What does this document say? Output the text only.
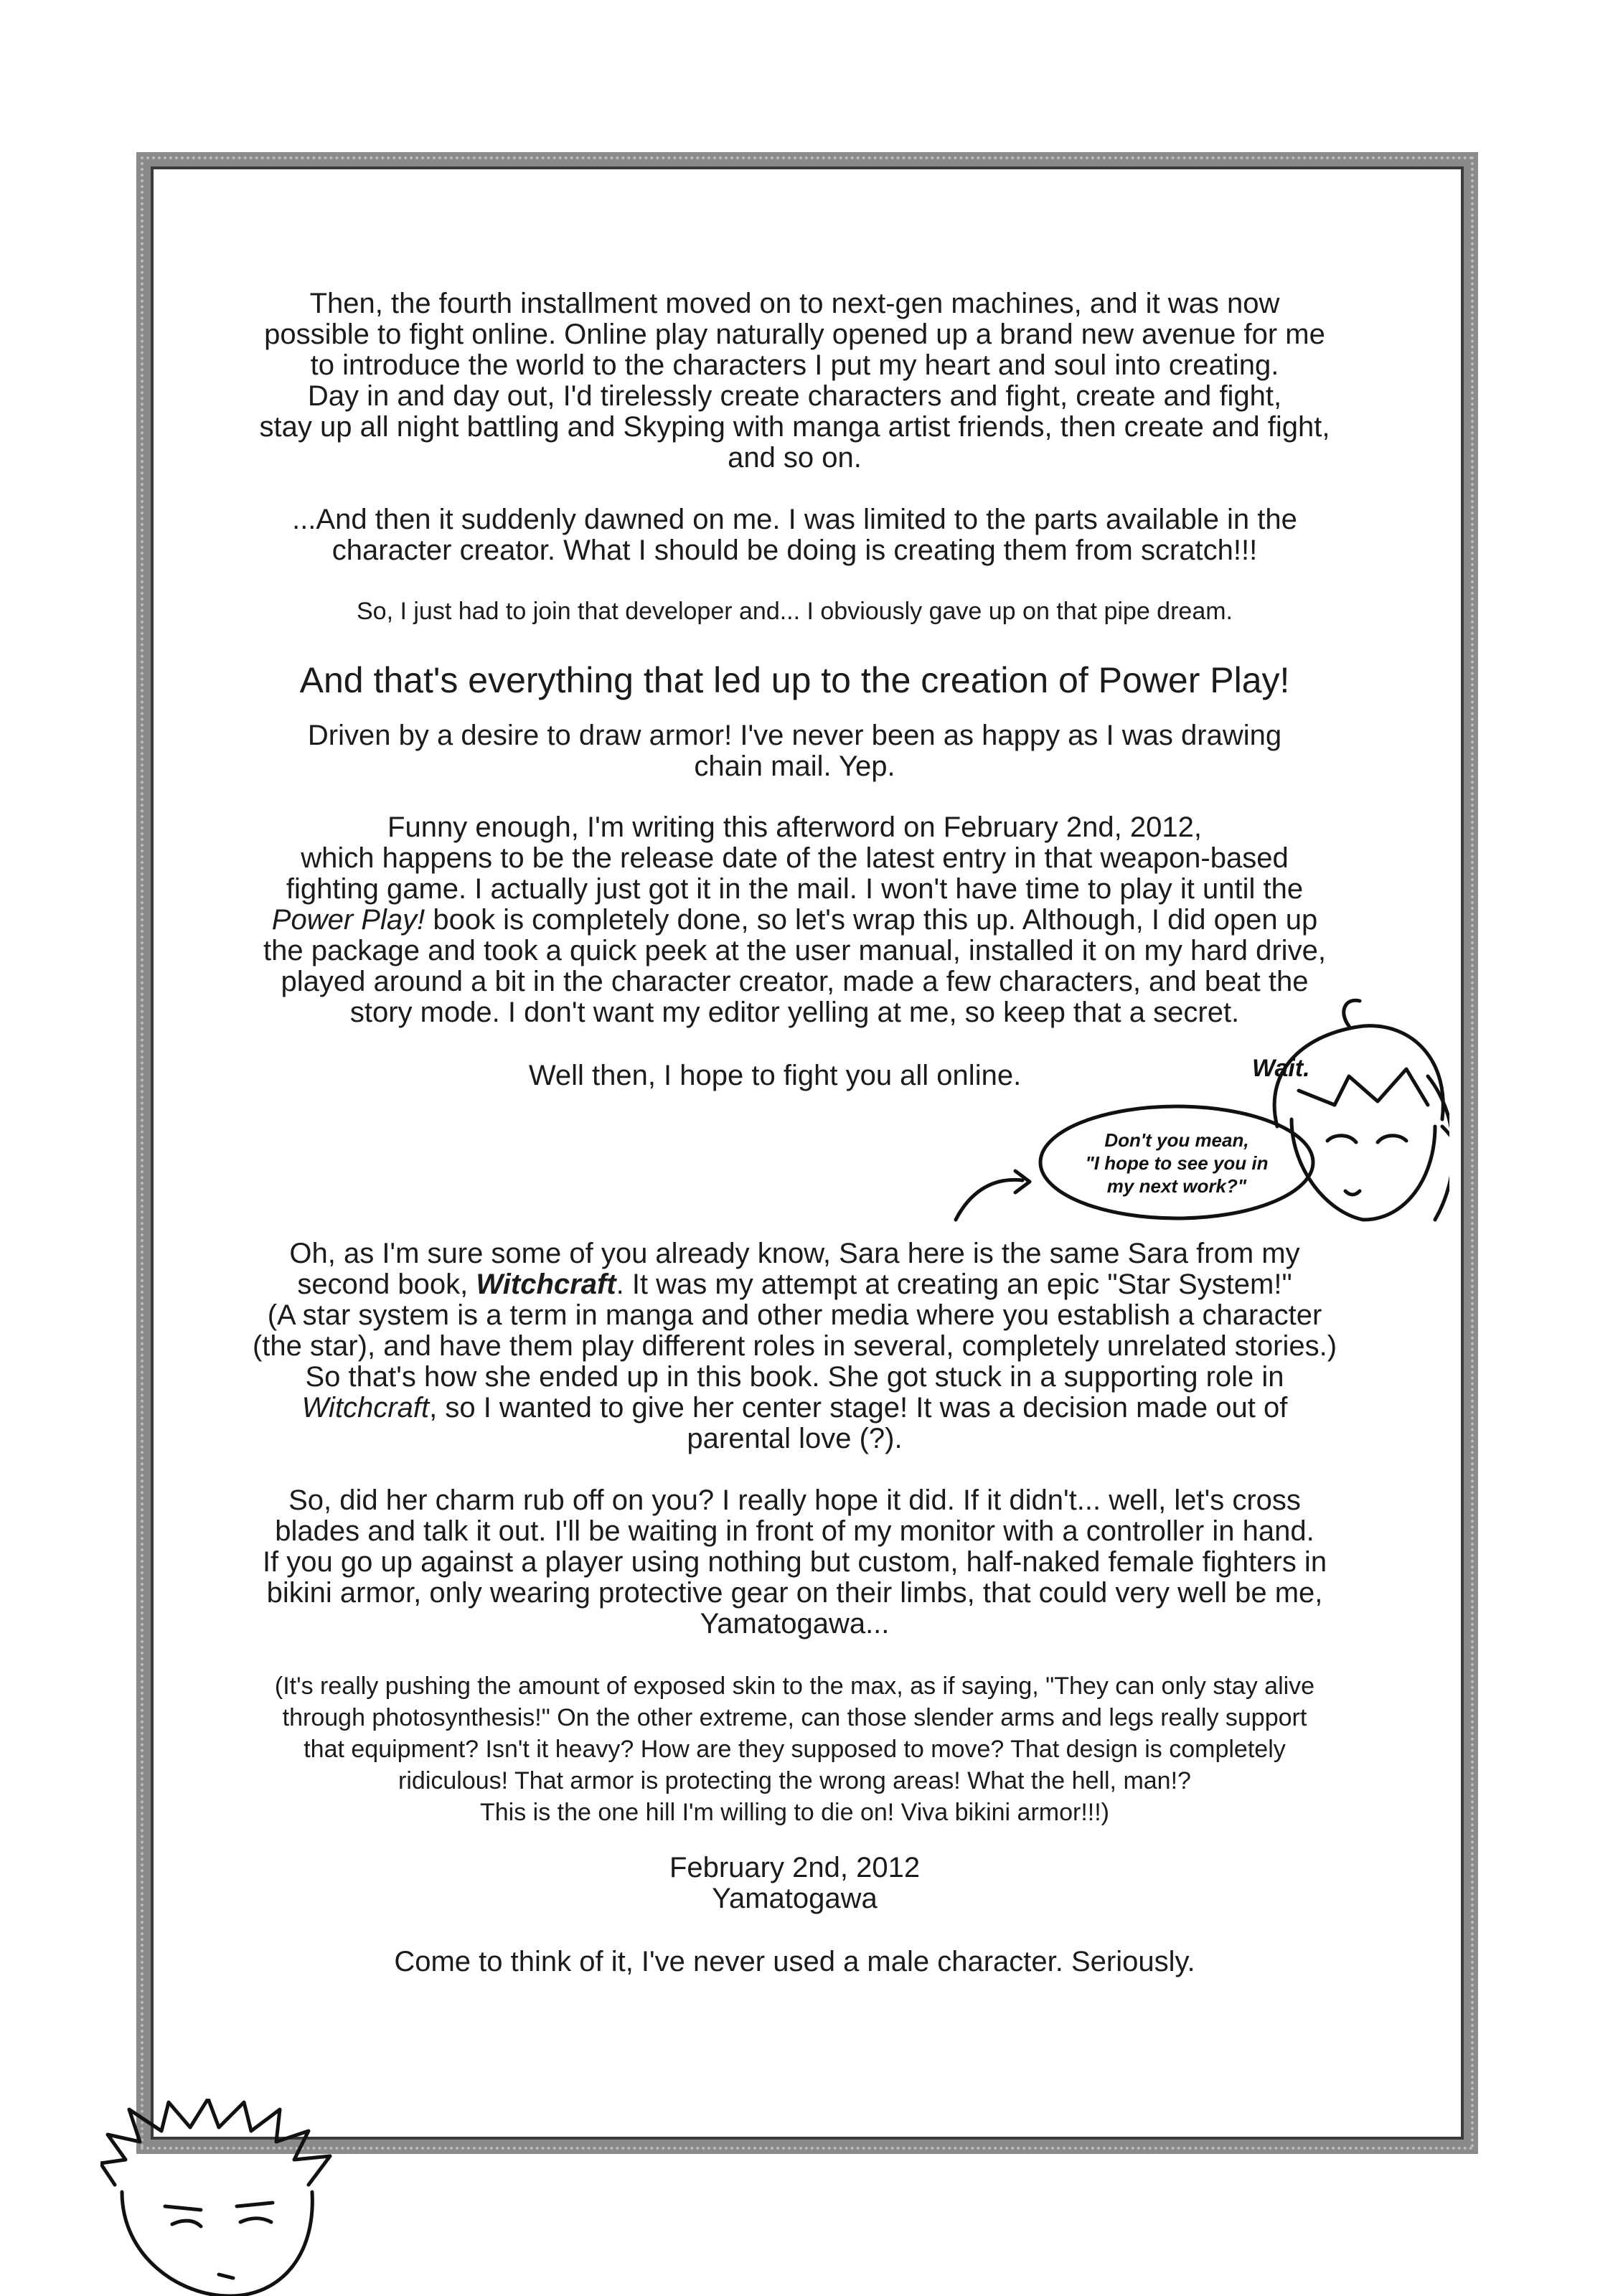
Then, the fourth installment moved on to next-gen machines, and it was now
possible to fight online. Online play naturally opened up a brand new avenue for me
to introduce the world to the characters I put my heart and soul into creating.
Day in and day out, I'd tirelessly create characters and fight, create and fight,
stay up all night battling and Skyping with manga artist friends, then create and fight,
and so on.
...And then it suddenly dawned on me. I was limited to the parts available in the
character creator. What I should be doing is creating them from scratch!!!
So, I just had to join that developer and... I obviously gave up on that pipe dream.
And that's everything that led up to the creation of Power Play!
Driven by a desire to draw armor! I've never been as happy as I was drawing
chain mail. Yep.
Funny enough, I'm writing this afterword on February 2nd, 2012,
which happens to be the release date of the latest entry in that weapon-based
fighting game. I actually just got it in the mail. I won't have time to play it until the
Power Play! book is completely done, so let's wrap this up. Although, I did open up
the package and took a quick peek at the user manual, installed it on my hard drive,
played around a bit in the character creator, made a few characters, and beat the
story mode. I don't want my editor yelling at me, so keep that a secret.
Well then, I hope to fight you all online.
Oh, as I'm sure some of you already know, Sara here is the same Sara from my
second book, Witchcraft. It was my attempt at creating an epic "Star System!"
(A star system is a term in manga and other media where you establish a character
(the star), and have them play different roles in several, completely unrelated stories.)
So that's how she ended up in this book. She got stuck in a supporting role in
Witchcraft, so I wanted to give her center stage! It was a decision made out of
parental love (?).
So, did her charm rub off on you? I really hope it did. If it didn't... well, let's cross
blades and talk it out. I'll be waiting in front of my monitor with a controller in hand.
If you go up against a player using nothing but custom, half-naked female fighters in
bikini armor, only wearing protective gear on their limbs, that could very well be me,
Yamatogawa...
(It's really pushing the amount of exposed skin to the max, as if saying, "They can only stay alive
through photosynthesis!" On the other extreme, can those slender arms and legs really support
that equipment? Isn't it heavy? How are they supposed to move? That design is completely
ridiculous! That armor is protecting the wrong areas! What the hell, man!?
This is the one hill I'm willing to die on! Viva bikini armor!!!)
February 2nd, 2012
Yamatogawa
Come to think of it, I've never used a male character. Seriously.
Wait.
Don't you mean,
"I hope to see you in
my next work?"
